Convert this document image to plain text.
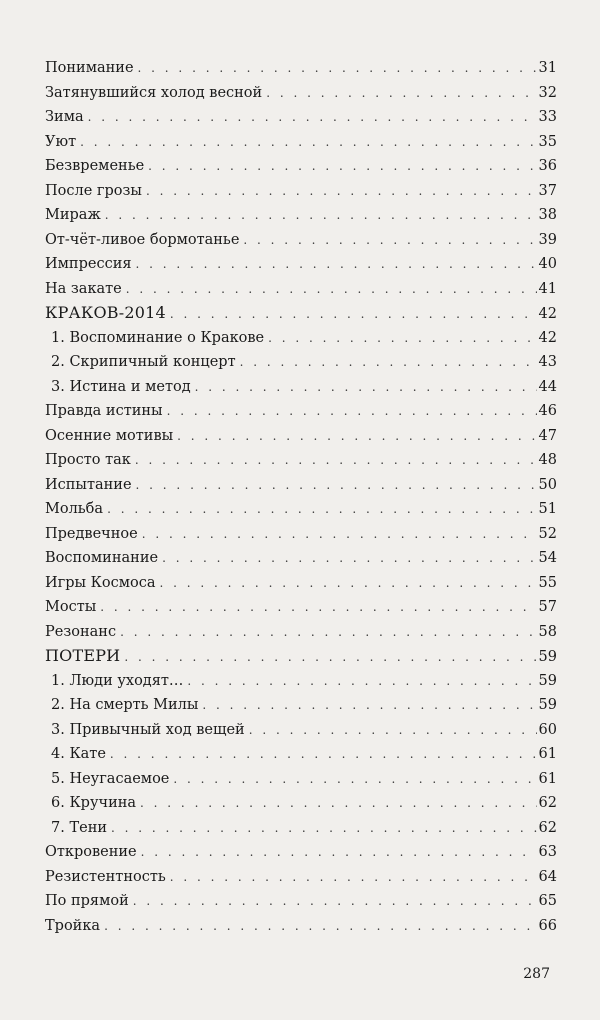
Понимание . . .	31
Затянувшийся холод весной . . .	32
Зима . . .	33
Уют . . .	35
Безвременье . . .	36
После грозы . . .	37
Мираж . . .	38
От-чёт-ливое бормотанье . . .	39
Импрессия . . .	40
На закате . . .	41
КРАКОВ-2014 . . .	42
1. Воспоминание о Кракове . . .	42
2. Скрипичный концерт . . .	43
3. Истина и метод . . .	44
Правда истины . . .	46
Осенние мотивы . . .	47
Просто так . . .	48
Испытание . . .	50
Мольба . . .	51
Предвечное . . .	52
Воспоминание . . .	54
Игры Космоса . . .	55
Мосты . . .	57
Резонанс . . .	58
ПОТЕРИ . . .	59
1. Люди уходят… . . .	59
2. На смерть Милы . . .	59
3. Привычный ход вещей . . .	60
4. Кате . . .	61
5. Неугасаемое . . .	61
6. Кручина . . .	62
7. Тени . . .	62
Откровение . . .	63
Резистентность . . .	64
По прямой . . .	65
Тройка . . .	66
287
